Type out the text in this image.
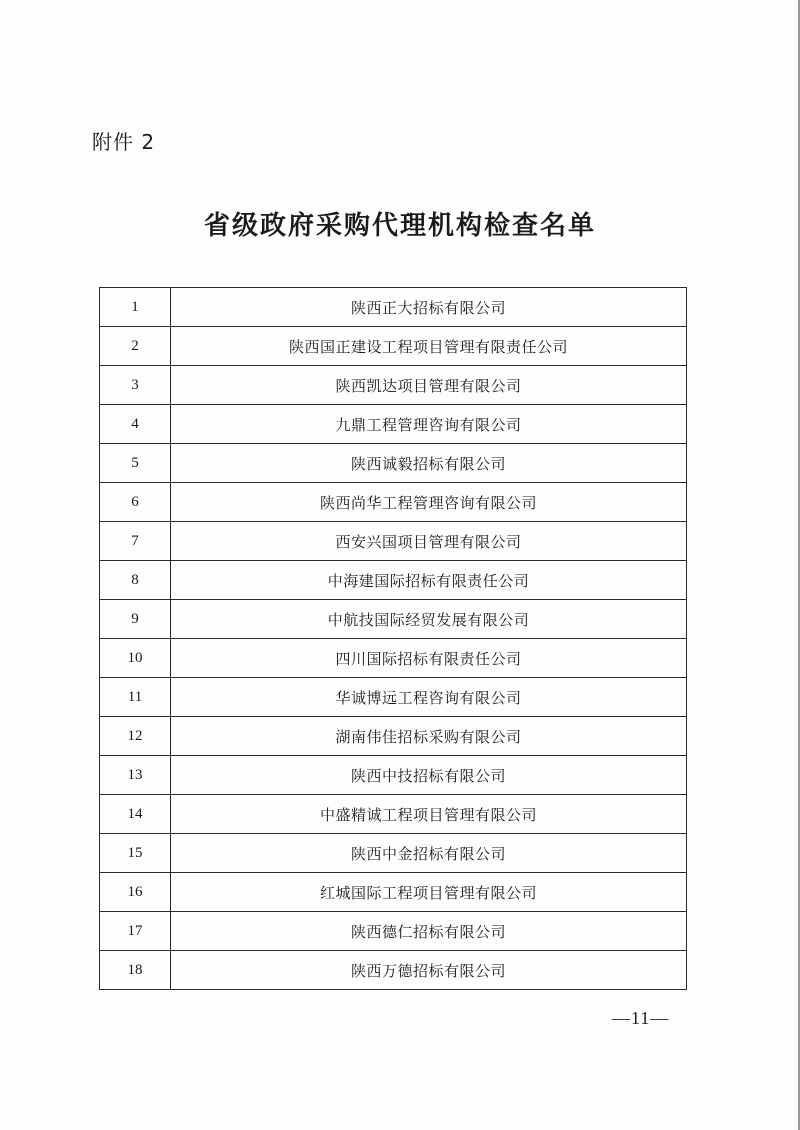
附件 2
省级政府采购代理机构检查名单
1	陕西正大招标有限公司
2	陕西国正建设工程项目管理有限责任公司
3	陕西凯达项目管理有限公司
4	九鼎工程管理咨询有限公司
5	陕西诚毅招标有限公司
6	陕西尚华工程管理咨询有限公司
7	西安兴国项目管理有限公司
8	中海建国际招标有限责任公司
9	中航技国际经贸发展有限公司
10	四川国际招标有限责任公司
11	华诚博远工程咨询有限公司
12	湖南伟佳招标采购有限公司
13	陕西中技招标有限公司
14	中盛精诚工程项目管理有限公司
15	陕西中金招标有限公司
16	红城国际工程项目管理有限公司
17	陕西德仁招标有限公司
18	陕西万德招标有限公司
—11—
